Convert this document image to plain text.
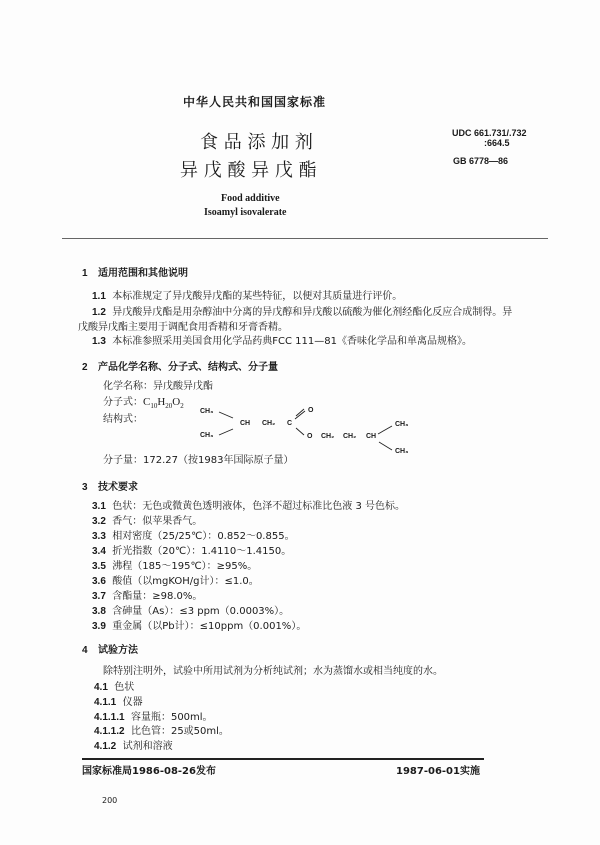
中华人民共和国国家标准
UDC 661.731/.732
:664.5
GB 6778—86
食 品 添 加 剂
异 戊 酸 异 戊 酯
Food additive
Isoamyl isovalerate
1 适用范围和其他说明
1.1 本标准规定了异戊酸异戊酯的某些特征，以便对其质量进行评价。
1.2 异戊酸异戊酯是用杂醇油中分离的异戊醇和异戊酸以硫酸为催化剂经酯化反应合成制得。异
戊酸异戊酯主要用于调配食用香精和牙膏香精。
1.3 本标准参照采用美国食用化学品药典FCC 111—81《香味化学品和单离品规格》。
2 产品化学名称、分子式、结构式、分子量
化学名称：异戊酸异戊酯
分子式：$C_{10}H_{20}O_2$
结构式：
CH₃
CH₃
CH CH₂ C
O
O CH₂ CH₂ CH
CH₃
CH₃
分子量：172.27（按1983年国际原子量）
3 技术要求
3.1 色状：无色或微黄色透明液体，色泽不超过标准比色液 3 号色标。
3.2 香气：似苹果香气。
3.3 相对密度（25/25℃）：0.852～0.855。
3.4 折光指数（20℃）：1.4110～1.4150。
3.5 沸程（185～195℃）：≥95%。
3.6 酸值（以mgKOH/g计）：≤1.0。
3.7 含酯量：≥98.0%。
3.8 含砷量（As）：≤3 ppm（0.0003%）。
3.9 重金属（以Pb计）：≤10ppm（0.001%）。
4 试验方法
除特别注明外，试验中所用试剂为分析纯试剂；水为蒸馏水或相当纯度的水。
4.1 色状
4.1.1 仪器
4.1.1.1 容量瓶：500ml。
4.1.1.2 比色管：25或50ml。
4.1.2 试剂和溶液
国家标准局1986-08-26发布	1987-06-01实施
200
